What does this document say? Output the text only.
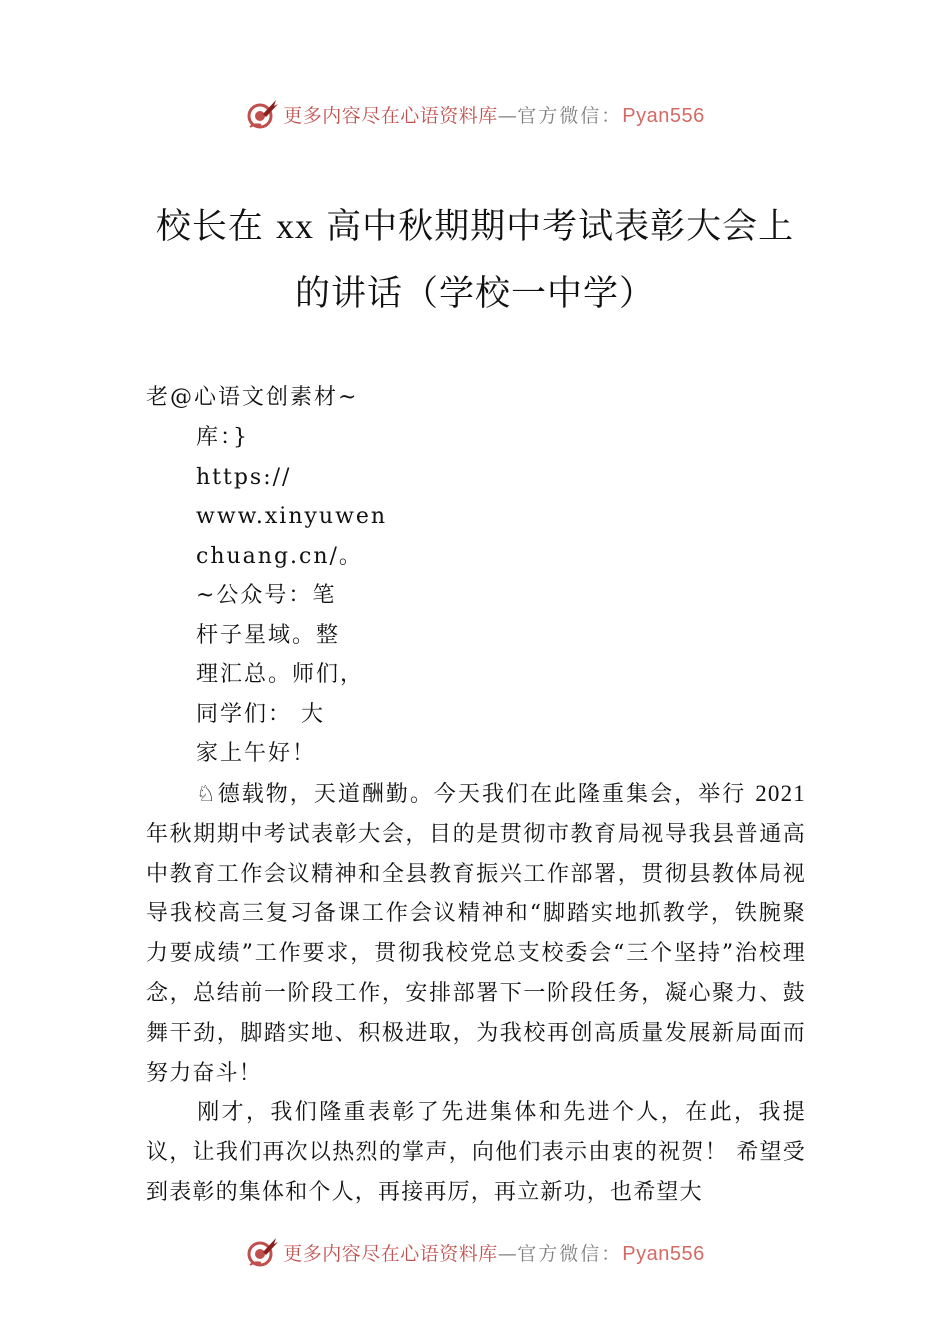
更多内容尽在心语资料库—官方微信：Pyan556
校长在 xx 高中秋期期中考试表彰大会上
的讲话（学校一中学）
老@心语文创素材~
库：}
https://
www.xinyuwen
chuang.cn/。
~公众号：笔
杆子星域。整
理汇总。师们，
同学们： 大
家上午好！
♘德载物，天道酬勤。今天我们在此隆重集会，举行 2021 年秋期期中考试表彰大会，目的是贯彻市教育局视导我县普通高中教育工作会议精神和全县教育振兴工作部署，贯彻县教体局视导我校高三复习备课工作会议精神和“脚踏实地抓教学，铁腕聚力要成绩”工作要求，贯彻我校党总支校委会“三个坚持”治校理念，总结前一阶段工作，安排部署下一阶段任务，凝心聚力、鼓舞干劲，脚踏实地、积极进取，为我校再创高质量发展新局面而努力奋斗！
刚才，我们隆重表彰了先进集体和先进个人，在此，我提议，让我们再次以热烈的掌声，向他们表示由衷的祝贺！ 希望受到表彰的集体和个人，再接再厉，再立新功，也希望大
更多内容尽在心语资料库—官方微信：Pyan556
